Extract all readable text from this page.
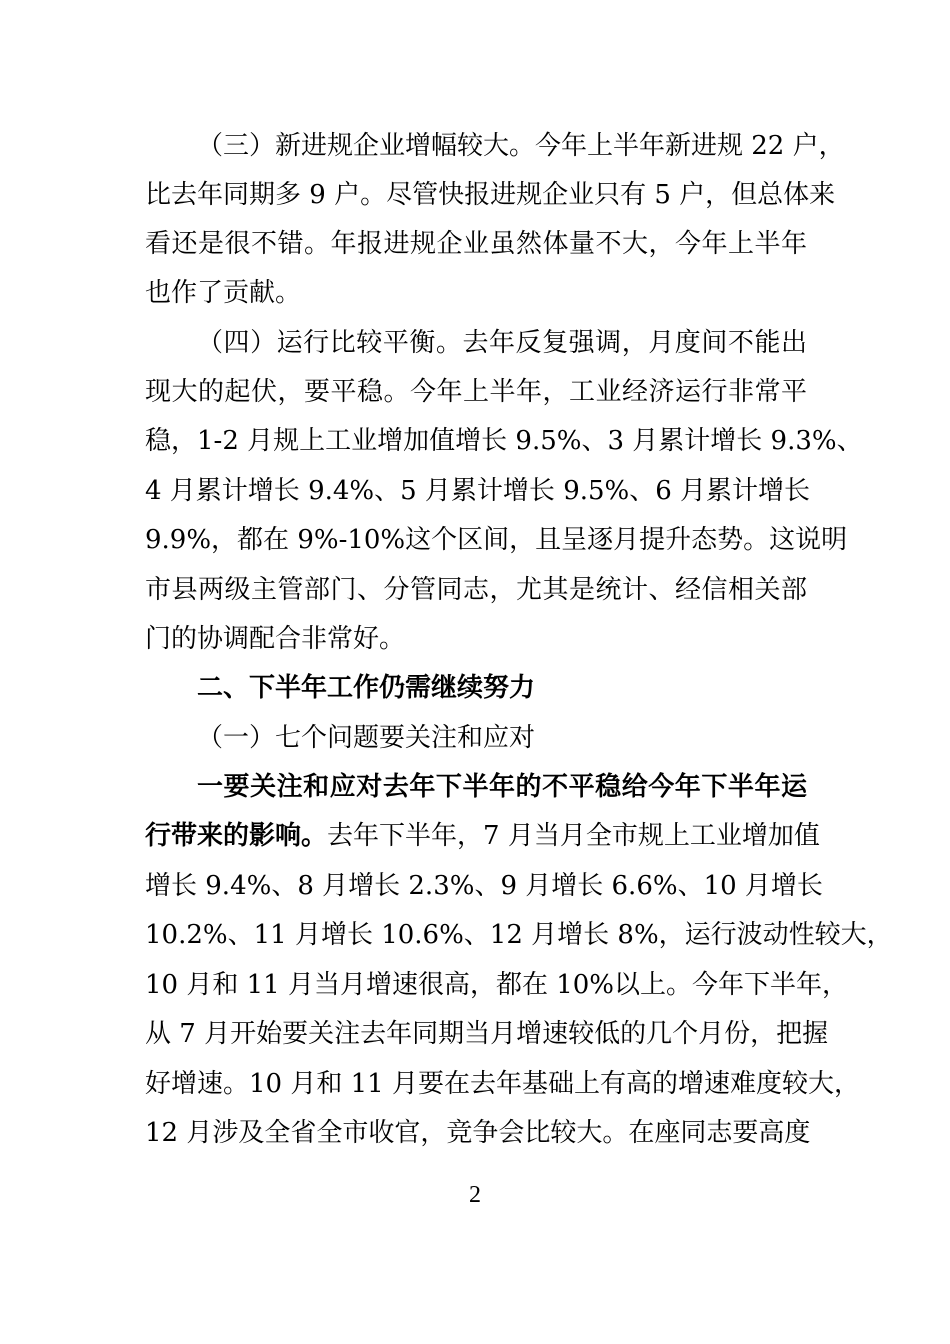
（三）新进规企业增幅较大。今年上半年新进规 22 户，
比去年同期多 9 户。尽管快报进规企业只有 5 户，但总体来
看还是很不错。年报进规企业虽然体量不大，今年上半年
也作了贡献。
（四）运行比较平衡。去年反复强调，月度间不能出
现大的起伏，要平稳。今年上半年，工业经济运行非常平
稳，1-2 月规上工业增加值增长 9.5%、3 月累计增长 9.3%、
4 月累计增长 9.4%、5 月累计增长 9.5%、6 月累计增长
9.9%，都在 9%-10%这个区间，且呈逐月提升态势。这说明
市县两级主管部门、分管同志，尤其是统计、经信相关部
门的协调配合非常好。
二、下半年工作仍需继续努力
（一）七个问题要关注和应对
一要关注和应对去年下半年的不平稳给今年下半年运
行带来的影响。去年下半年，7 月当月全市规上工业增加值
增长 9.4%、8 月增长 2.3%、9 月增长 6.6%、10 月增长
10.2%、11 月增长 10.6%、12 月增长 8%，运行波动性较大，
10 月和 11 月当月增速很高，都在 10%以上。今年下半年，
从 7 月开始要关注去年同期当月增速较低的几个月份，把握
好增速。10 月和 11 月要在去年基础上有高的增速难度较大，
12 月涉及全省全市收官，竞争会比较大。在座同志要高度
2
